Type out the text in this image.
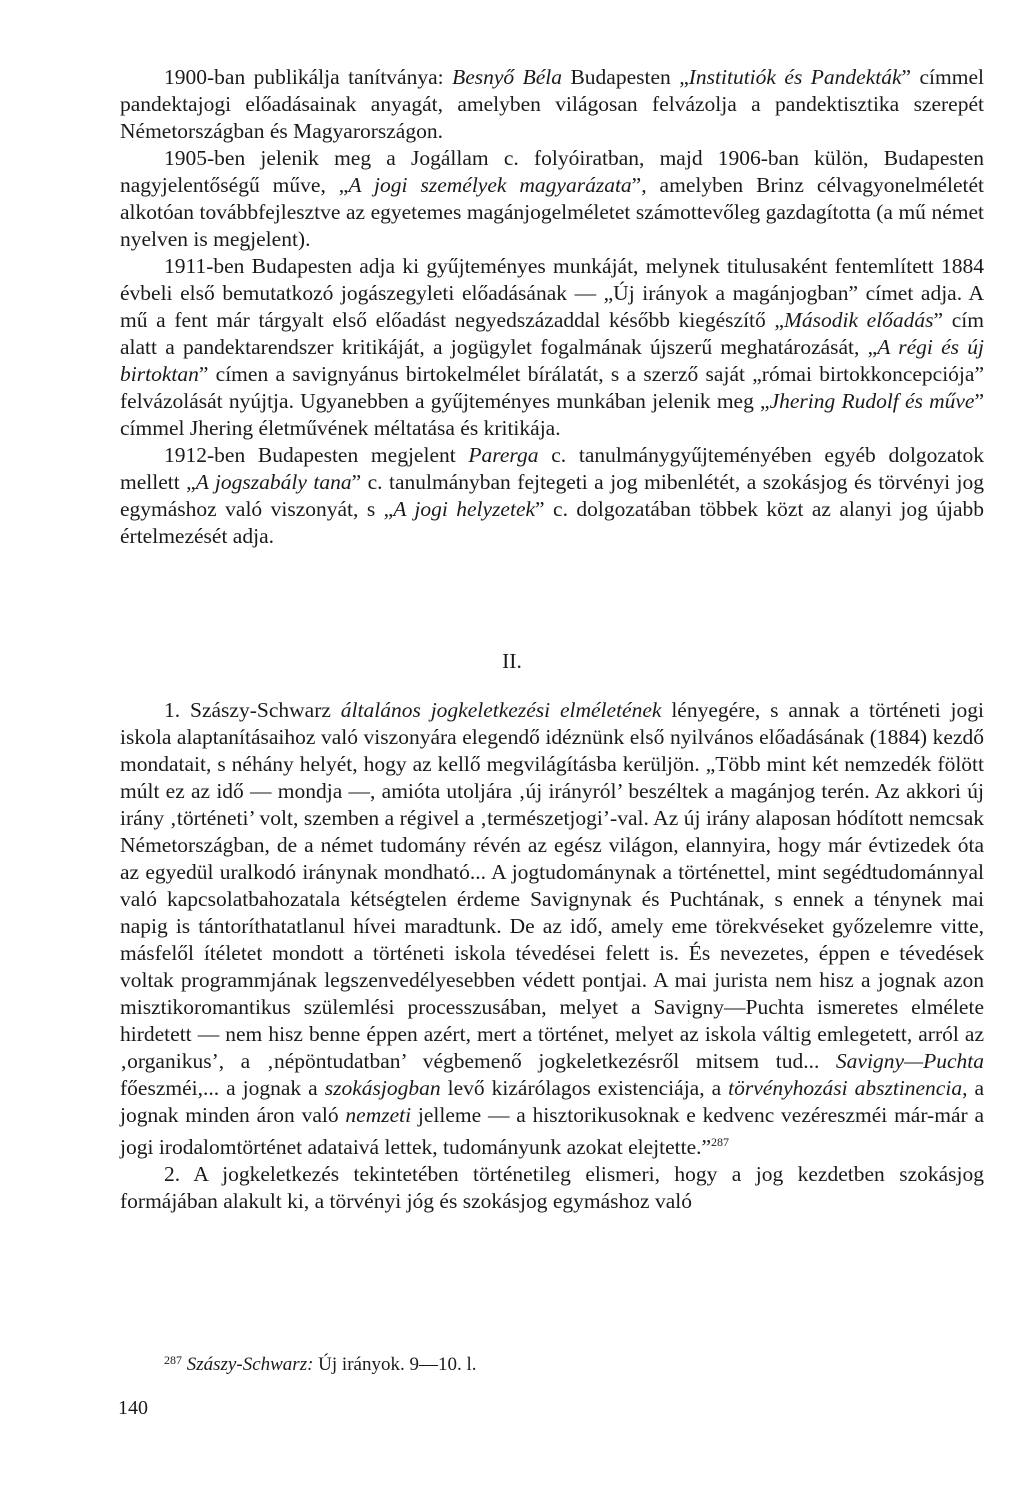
1900-ban publikálja tanítványa: Besnyő Béla Budapesten „Institutiók és Pandekták” címmel pandektajogi előadásainak anyagát, amelyben világosan felvázolja a pandektisztika szerepét Németországban és Magyarországon.

1905-ben jelenik meg a Jogállam c. folyóiratban, majd 1906-ban külön, Budapesten nagyjelentőségű műve, „A jogi személyek magyarázata”, amelyben Brinz célvagyonelméletét alkotóan továbbfejlesztve az egyetemes magánjogelméletet számottevőleg gazdagította (a mű német nyelven is megjelent).

1911-ben Budapesten adja ki gyűjteményes munkáját, melynek titulusaként fentemlített 1884 évbeli első bemutatkozó jogászegyleti előadásának — „Új irányok a magánjogban” címet adja. A mű a fent már tárgyalt első előadást negyedszázaddal később kiegészítő „Második előadás” cím alatt a pandektarendszer kritikáját, a jogügylet fogalmának újszerű meghatározását, „A régi és új birtoktan” címen a savignyánus birtokelmélet bírálatát, s a szerző saját „római birtokkoncepciója” felvázolását nyújtja. Ugyanebben a gyűjteményes munkában jelenik meg „Jhering Rudolf és műve” címmel Jhering életművének méltatása és kritikája.

1912-ben Budapesten megjelent Parerga c. tanulmánygyűjteményében egyéb dolgozatok mellett „A jogszabály tana” c. tanulmányban fejtegeti a jog mibenlétét, a szokásjog és törvényi jog egymáshoz való viszonyát, s „A jogi helyzetek” c. dolgozatában többek közt az alanyi jog újabb értelmezését adja.

II.

1. Szászy-Schwarz általános jogkeletkezési elméletének lényegére, s annak a történeti jogi iskola alaptanításaihoz való viszonyára elegendő idéznünk első nyilvános előadásának (1884) kezdő mondatait, s néhány helyét, hogy az kellő megvilágításba kerüljön. „Több mint két nemzedék fölött múlt ez az idő — mondja —, amióta utoljára ‚új irányról’ beszéltek a magánjog terén. Az akkori új irány ‚történeti’ volt, szemben a régivel a ‚természetjogi’-val. Az új irány alaposan hódított nemcsak Németországban, de a német tudomány révén az egész világon, elannyira, hogy már évtizedek óta az egyedül uralkodó iránynak mondható... A jogtudománynak a történettel, mint segédtudománnyal való kapcsolatbahozatala kétségtelen érdeme Savignynak és Puchtának, s ennek a ténynek mai napig is tántoríthatatlanul hívei maradtunk. De az idő, amely eme törekvéseket győzelemre vitte, másfelől ítéletet mondott a történeti iskola tévedései felett is. És nevezetes, éppen e tévedések voltak programmjának legszenvedélyesebben védett pontjai. A mai jurista nem hisz a jognak azon misztikoromantikus szülemlési processzusában, melyet a Savigny—Puchta ismeretes elmélete hirdetett — nem hisz benne éppen azért, mert a történet, melyet az iskola váltig emlegetett, arról az ‚organikus’, a ‚népöntudatban’ végbemenő jogkeletkezésről mitsem tud... Savigny—Puchta főeszméi,... a jognak a szokásjogban levő kizárólagos existenciája, a törvényhozási absztinencia, a jognak minden áron való nemzeti jelleme — a hisztorikusoknak e kedvenc vezéreszméi már-már a jogi irodalomtörténet adataivá lettek, tudományunk azokat elejtette.”$^{287}$

2. A jogkeletkezés tekintetében történetileg elismeri, hogy a jog kezdetben szokásjog formájában alakult ki, a törvényi jóg és szokásjog egymáshoz való

$^{287}$ Szászy-Schwarz: Új irányok. 9—10. l.
140
